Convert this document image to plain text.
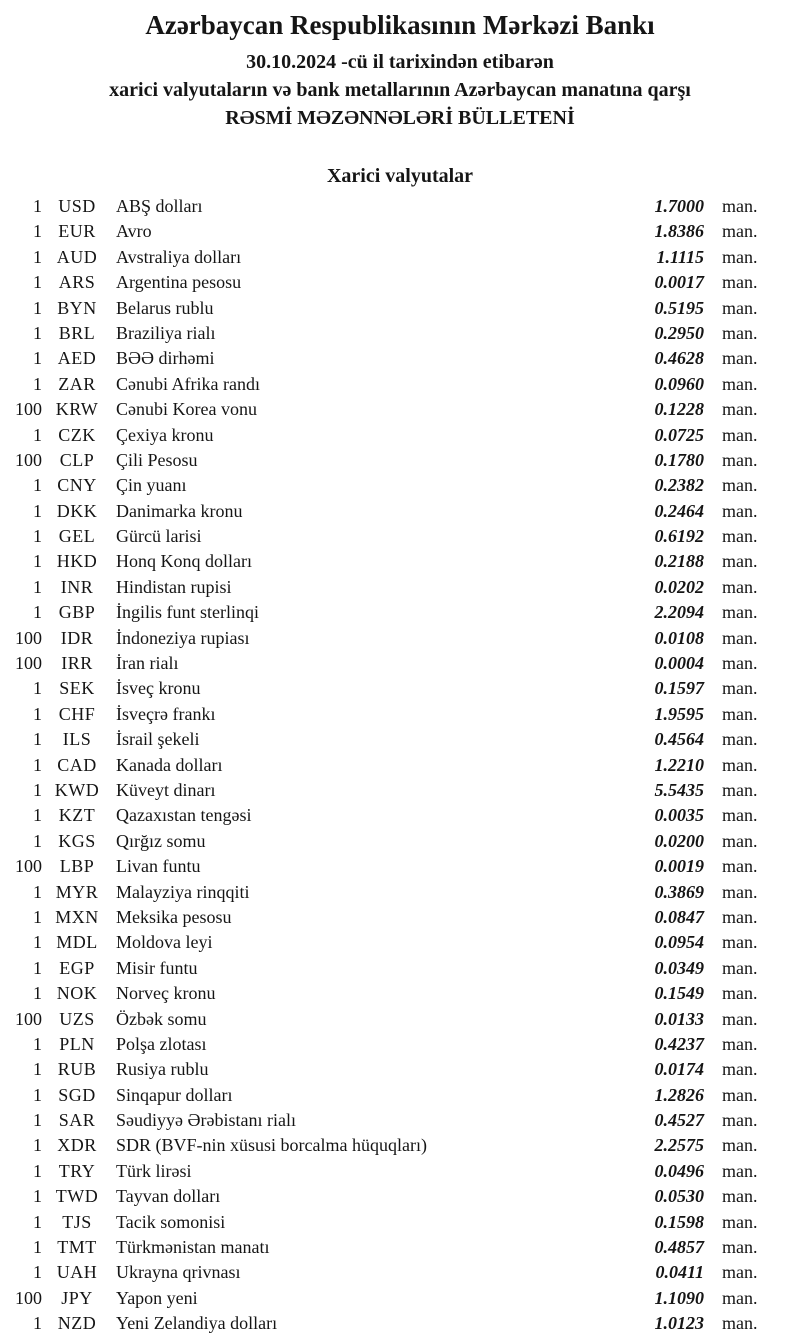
Azərbaycan Respublikasının Mərkəzi Bankı
30.10.2024 -cü il tarixindən etibarən
xarici valyutaların və bank metallarının Azərbaycan manatına qarşı
RƏSMİ MƏZƏNNƏLƏRİ BÜLLETENİ
Xarici valyutalar
1 USD	ABŞ dolları	1.7000	man.
1 EUR	Avro	1.8386	man.
1 AUD	Avstraliya dolları	1.1115	man.
1 ARS	Argentina pesosu	0.0017	man.
1 BYN	Belarus rublu	0.5195	man.
1 BRL	Braziliya rialı	0.2950	man.
1 AED	BƏƏ dirhəmi	0.4628	man.
1 ZAR	Cənubi Afrika randı	0.0960	man.
100 KRW Cənubi Korea vonu	0.1228	man.
1 CZK	Çexiya kronu	0.0725	man.
100 CLP	Çili Pesosu	0.1780	man.
1 CNY	Çin yuanı	0.2382	man.
1 DKK	Danimarka kronu	0.2464	man.
1 GEL	Gürcü larisi	0.6192	man.
1 HKD	Honq Konq dolları	0.2188	man.
1	INR	Hindistan rupisi	0.0202	man.
1 GBP	İngilis funt sterlinqi	2.2094	man.
100	IDR	İndoneziya rupiası	0.0108	man.
100	IRR	İran rialı	0.0004	man.
1 SEK	İsveç kronu	0.1597	man.
1 CHF	İsveçrə frankı	1.9595	man.
1	ILS	İsrail şekeli	0.4564	man.
1 CAD	Kanada dolları	1.2210	man.
1 KWD Küveyt dinarı	5.5435	man.
1 KZT	Qazaxıstan tengəsi	0.0035	man.
1 KGS	Qırğız somu	0.0200	man.
100 LBP	Livan funtu	0.0019	man.
1 MYR Malayziya rinqqiti	0.3869	man.
1 MXN Meksika pesosu	0.0847	man.
1 MDL	Moldova leyi	0.0954	man.
1 EGP	Misir funtu	0.0349	man.
1 NOK	Norveç kronu	0.1549	man.
100 UZS	Özbək somu	0.0133	man.
1 PLN	Polşa zlotası	0.4237	man.
1 RUB	Rusiya rublu	0.0174	man.
1 SGD	Sinqapur dolları	1.2826	man.
1 SAR	Səudiyyə Ərəbistanı rialı	0.4527	man.
1 XDR	SDR (BVF-nin xüsusi borcalma hüquqları)	2.2575	man.
1 TRY	Türk lirəsi	0.0496	man.
1 TWD Tayvan dolları	0.0530	man.
1	TJS	Tacik somonisi	0.1598	man.
1 TMT	Türkmənistan manatı	0.4857	man.
1 UAH	Ukrayna qrivnası	0.0411	man.
100	JPY	Yapon yeni	1.1090	man.
1 NZD	Yeni Zelandiya dolları	1.0123	man.
